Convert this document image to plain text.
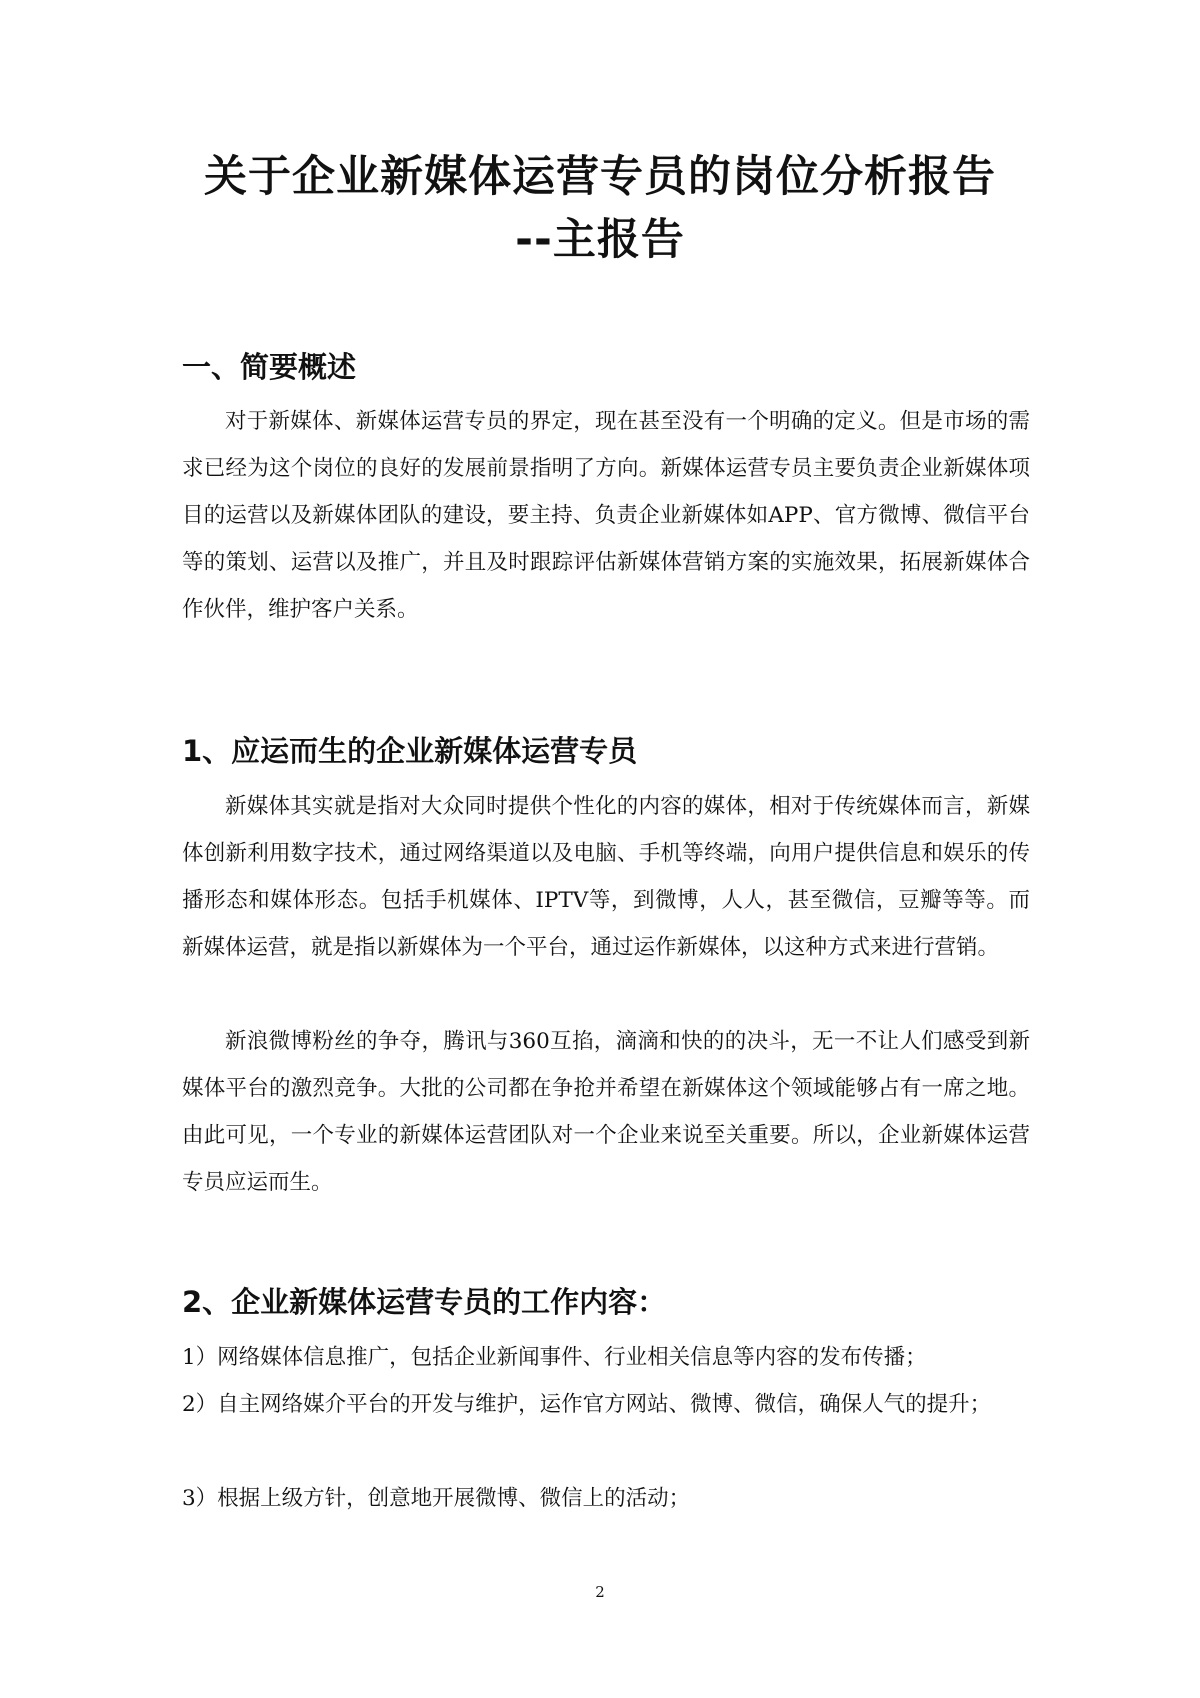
关于企业新媒体运营专员的岗位分析报告
--主报告
一、简要概述
对于新媒体、新媒体运营专员的界定，现在甚至没有一个明确的定义。但是市场的需求已经为这个岗位的良好的发展前景指明了方向。新媒体运营专员主要负责企业新媒体项目的运营以及新媒体团队的建设，要主持、负责企业新媒体如APP、官方微博、微信平台等的策划、运营以及推广，并且及时跟踪评估新媒体营销方案的实施效果，拓展新媒体合作伙伴，维护客户关系。
1、应运而生的企业新媒体运营专员
新媒体其实就是指对大众同时提供个性化的内容的媒体，相对于传统媒体而言，新媒体创新利用数字技术，通过网络渠道以及电脑、手机等终端，向用户提供信息和娱乐的传播形态和媒体形态。包括手机媒体、IPTV等，到微博，人人，甚至微信，豆瓣等等。而新媒体运营，就是指以新媒体为一个平台，通过运作新媒体，以这种方式来进行营销。
新浪微博粉丝的争夺，腾讯与360互掐，滴滴和快的的决斗，无一不让人们感受到新媒体平台的激烈竞争。大批的公司都在争抢并希望在新媒体这个领域能够占有一席之地。由此可见，一个专业的新媒体运营团队对一个企业来说至关重要。所以，企业新媒体运营专员应运而生。
2、企业新媒体运营专员的工作内容：
1）网络媒体信息推广，包括企业新闻事件、行业相关信息等内容的发布传播；
2）自主网络媒介平台的开发与维护，运作官方网站、微博、微信，确保人气的提升；
3）根据上级方针，创意地开展微博、微信上的活动；
2
